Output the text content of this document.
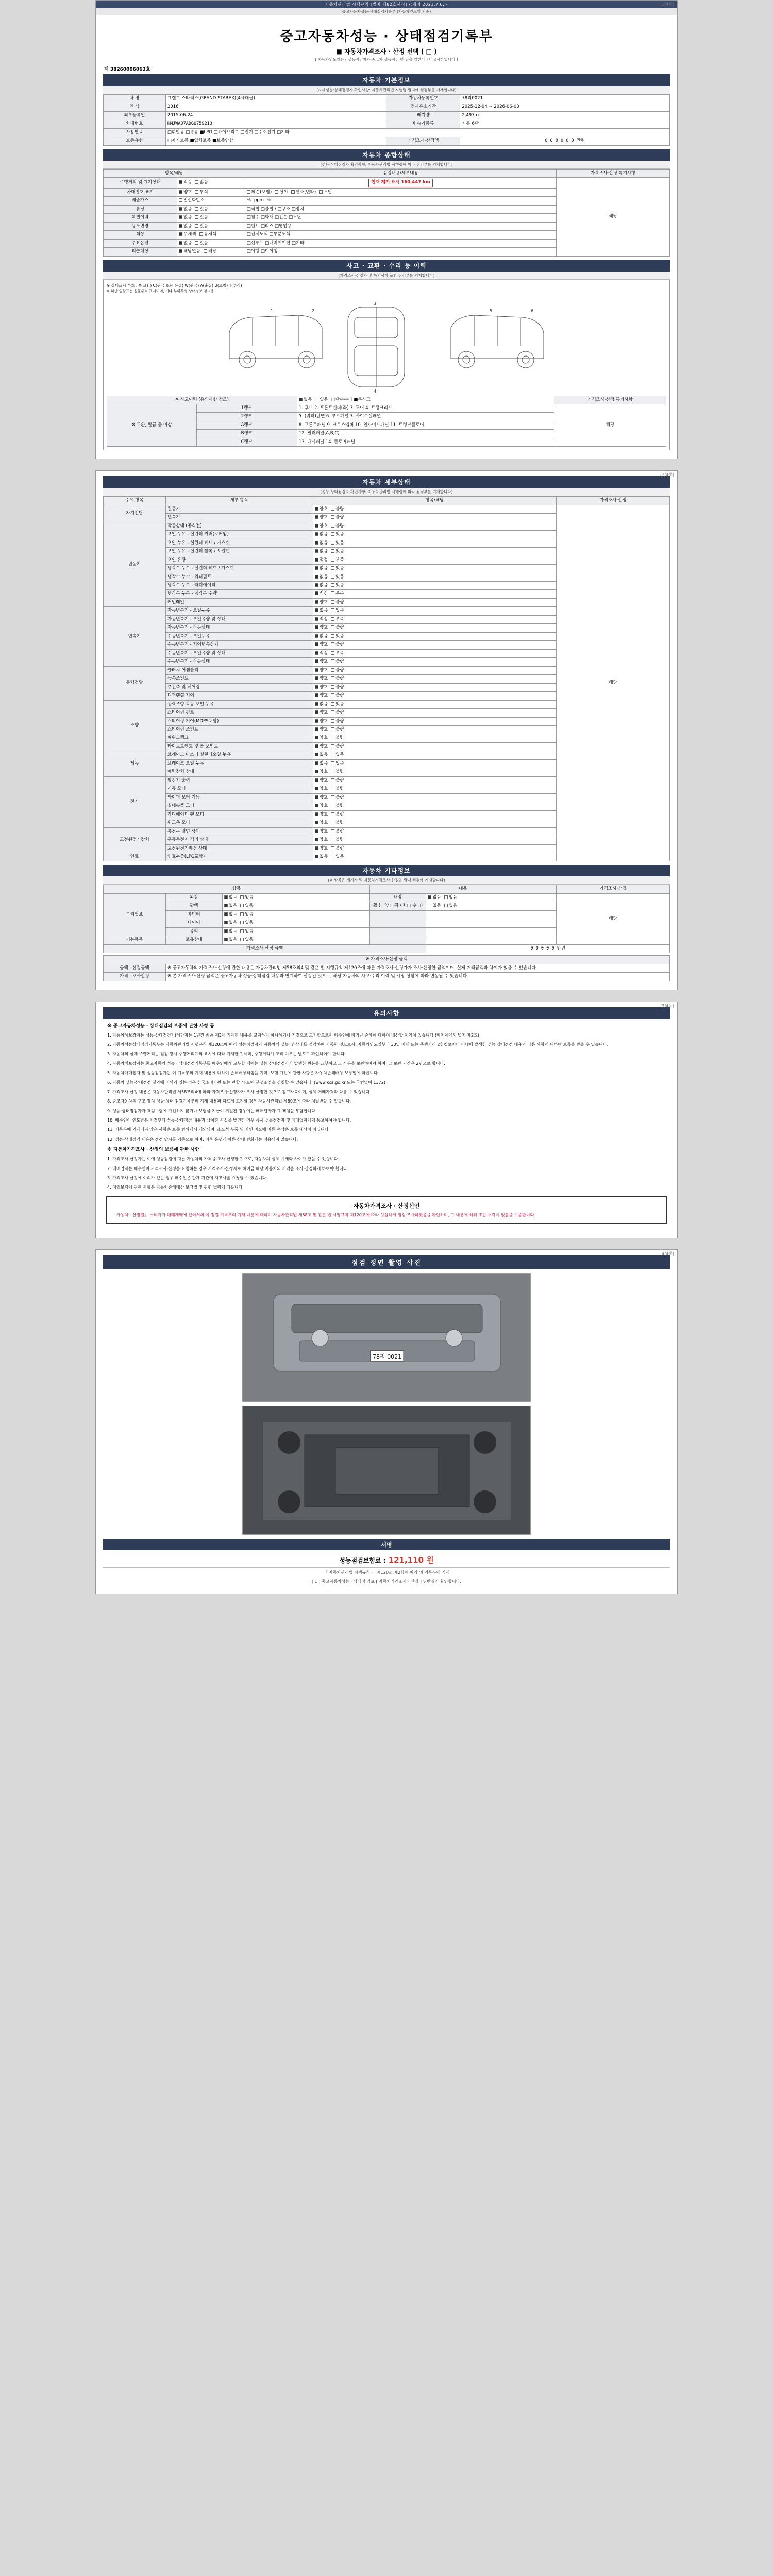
자동차관리법 시행규칙 [별지 제82호서식] <개정 2021.7.6.>
중고자동차성능·상태점검기록부 (자동차인도일 기준)
(1/4쪽)
중고자동차성능 · 상태점검기록부
■ 자동차가격조사 · 산정 선택 ( □ )
[ 자동차인도일은 ( 성능점검자가 중고차 성능점검 한 날을 말한다 ) 비고사항입니다 ]
제 38260006063호
자동차 기본정보
(자세성능·상태점검자 확인사항: 자동차관리법 시행령 별지에 점검부를 기재합니다)
차 명	그랜드 스타렉스(GRAND STAREX)(4세대급)	자동차등록번호	78리0021
연 식	2016	검사유효기간	2025-12-04 ~ 2026-06-03
최초등록일	2015-06-24	배기량	2,497 cc
차대번호	KMJWA37ADGU759213	변속기종류	자동 6단
사용연료	□휘발유 □경유 ■LPG □하이브리드 □전기 □수소전기 □기타		
보증유형	□자가보증 ■업체보증 ■보증안함	가격조사·산정액	0 0 0 0 0 0 만원
자동차 종합상태
(성능·상태점검자 확인사항: 자동차관리법 시행령에 따라 점검부를 기재합니다)
항목/해당		점검내용/세부내용	가격조사·산정 특기사항
주행거리 및 계기상태	적정 많음	현재 계기 표시 160,447 km	해당
차대번호 표기	양호 부식	훼손(오염) 상이 변조(변타) 도말	
배출가스	일산화탄소	%ppm %	
튜닝	없음 있음	□적법 □불법 / □구조 □장치	
특별이력	없음 있음	□침수 □화재 □전손 □도난	
용도변경	없음 있음	□렌트 □리스 □영업용	
색상	무채색 유채색	□전체도색 □부분도색	
주요옵션	없음 있음	□선루프 □내비게이션 □기타	
리콜대상	해당없음 해당	□이행 □미이행	
사고 · 교환 · 수리 등 이력
(가격조사·산정자 및 특기사항 포함 점검부를 기재합니다)
※ 상태표시 부호 : X(교환) C(판금 또는 용접) W(판금) A(흠집) U(요철) T(부식)
※ 하단 일람표는 실물위치 표시이며, 기타 부위특성 상태정보 참고용
1	2
3
4
5	6
※ 사고이력 (유의사항 참조)		없음 있음 □단순수리 ■무사고	가격조사·산정 특기사항
※ 교환, 판금 등 이상	1랭크	1. 후드 2. 프론트펜더(좌) 3. 도어 4. 트렁크리드	해당
	2랭크	5. (쿼터)판넬 6. 루프패널 7. 사이드실패널	
	A랭크	8. 프론트패널 9. 크로스멤버 10. 인사이드패널 11. 트렁크플로어	
	B랭크	12. 필러패널(A,B,C)	
	C랭크	13. 대시패널 14. 플로어패널	
(2/4쪽)
자동차 세부상태
(성능·상태점검자 확인사항: 자동차관리법 시행령에 따라 점검부를 기재합니다)
주요 항목	세부 항목	항목/해당	가격조사·산정
자기진단	원동기	양호 불량	해당
	변속기	양호 불량	
원동기	작동상태 (공회전)	양호 불량	
	오일 누유 - 실린더 커버(로커암)	없음 있음	
	오일 누유 - 실린더 헤드 / 가스켓	없음 있음	
	오일 누유 - 실린더 블록 / 오일팬	없음 있음	
	오일 유량	적정 부족	
	냉각수 누수 - 실린더 헤드 / 가스켓	없음 있음	
	냉각수 누수 - 워터펌프	없음 있음	
	냉각수 누수 - 라디에이터	없음 있음	
	냉각수 누수 - 냉각수 수량	적정 부족	
	커먼레일	양호 불량	
변속기	자동변속기 - 오일누유	없음 있음	
	자동변속기 - 오일유량 및 상태	적정 부족	
	자동변속기 - 작동상태	양호 불량	
	수동변속기 - 오일누유	없음 있음	
	수동변속기 - 기어변속장치	양호 불량	
	수동변속기 - 오일유량 및 상태	적정 부족	
	수동변속기 - 작동상태	양호 불량	
동력전달	클러치 어셈블리	양호 불량	
	등속조인트	양호 불량	
	추진축 및 베어링	양호 불량	
	디퍼렌셜 기어	양호 불량	
조향	동력조향 작동 오일 누유	없음 있음	
	스티어링 펌프	양호 불량	
	스티어링 기어(MDPS포함)	양호 불량	
	스티어링 조인트	양호 불량	
	파워크랭크	양호 불량	
	타이로드엔드 및 볼 조인트	양호 불량	
제동	브레이크 마스터 실린더오일 누유	없음 있음	
	브레이크 오일 누유	없음 있음	
	배력장치 상태	양호 불량	
전기	발전기 출력	양호 불량	
	시동 모터	양호 불량	
	와이퍼 모터 기능	양호 불량	
	실내송풍 모터	양호 불량	
	라디에이터 팬 모터	양호 불량	
	윈도우 모터	양호 불량	
고전원전기장치	충전구 절연 상태	양호 불량	
	구동축전지 격리 상태	양호 불량	
	고전원전기배선 상태	양호 불량	
연료	연료누출(LPG포함)	없음 있음	
자동차 기타정보
(※ 항목은 제시자 및 자동차가격조사·산정을 할때 점검에 기재합니다)
항목			내용		가격조사·산정
수리필요	외장	없음 있음	내장	없음 있음	해당
	광택	없음 있음	휠 (□앞 □뒤 / 좌□ 우□)	없음 있음	
	룸미러	없음 있음			
	타이어	없음 있음			
	유리	없음 있음			
기본품목	보유상태	없음 있음			
가격조사·산정 금액				0 0 0 0 0 만원	
※ 가격조사·산정 금액	
금액 · 산정금액	※ 중고자동차의 가격조사·산정에 관한 내용은 자동차관리법 제58조의4 및 같은 법 시행규칙 제120조에 따른 가격조사·산정자가 조사·산정한 금액이며, 실제 거래금액과 차이가 있을 수 있습니다.
가격 · 조사산정	※ 본 가격조사·산정 금액은 중고자동차 성능·상태점검 내용과 연계하여 산정된 것으로, 해당 자동차의 사고·수리 이력 및 시장 상황에 따라 변동될 수 있습니다.
(3/4쪽)
유의사항
※ 중고자동차성능 · 상태점검의 보증에 관한 사항 등

1. 자동차해보장자는 성능·상태점검자(해당자는 1년간 최종 제3에 기재한 내용을 교지하지 아니하거나 거짓으로 고지할으로써 매수인에 따라난 손해에 대하여 배상할 책임이 있습니다.(매매계약서 별지 제2호)

2. 자동차성능상태점검기록부는 자동차관리법 시행규칙 제120조에 따라 성능점검자가 자동차의 성능 및 상태를 점검하여 기록한 것으로서, 자동차인도일부터 30일 이내 또는 주행거리 2천킬로미터 이내에 발생한 성능·상태점검 내용과 다른 사항에 대하여 보증을 받을 수 있습니다.

3. 자동차의 실제 주행거리는 점검 당시 주행거리계의 표시에 따라 기재한 것이며, 주행거리계 조작 여부는 별도로 확인하여야 합니다.

4. 자동차해보장자는 중고자동차 성능 · 상태점검기록부를 매수인에게 교부할 때에는 성능·상태점검자가 발행한 원본을 교부하고 그 사본을 보관하여야 하며, 그 보관 기간은 2년으로 합니다.

5. 자동차매매업자 및 성능점검자는 이 기록부의 기재 내용에 대하여 손해배상책임을 지며, 보험 가입에 관한 사항은 자동차손해배상 보장법에 따릅니다.

6. 자동차 성능·상태점검 결과에 이의가 있는 경우 한국소비자원 또는 관할 시·도에 분쟁조정을 신청할 수 있습니다. (www.kca.go.kr 또는 국번없이 1372)

7. 가격조사·산정 내용은 자동차관리법 제58조의4에 따라 가격조사·산정자가 조사·산정한 것으로 참고자료이며, 실제 거래가격과 다를 수 있습니다.

8. 중고자동차의 구조·장치 성능·상태 점검기록부의 기재 내용과 다르게 고지할 경우 자동차관리법 제80조에 따라 처벌받을 수 있습니다.

9. 성능·상태점검자가 책임보험에 가입하지 않거나 보험금 지급이 거절된 경우에는 매매업자가 그 책임을 부담합니다.

10. 매수인이 인도받은 시점부터 성능·상태점검 내용과 상이한 사실을 발견한 경우 즉시 성능점검자 및 매매업자에게 통보하여야 합니다.

11. 기록부에 기재되지 않은 사항은 보증 범위에서 제외되며, 소모성 부품 및 자연 마모에 따른 손상은 보증 대상이 아닙니다.

12. 성능·상태점검 내용은 점검 당시를 기준으로 하며, 이후 운행에 따른 상태 변화에는 적용되지 않습니다.

※ 자동차가격조사 · 산정의 보증에 관한 사항

1. 가격조사·산정자는 이에 성능점검에 따른 자동차의 가격을 조사·산정한 것으로, 자동차의 실제 시세와 차이가 있을 수 있습니다.

2. 매매업자는 매수인이 가격조사·산정을 요청하는 경우 가격조사·산정자로 하여금 해당 자동차의 가격을 조사·산정하게 하여야 합니다.

3. 가격조사·산정에 이의가 있는 경우 매수인은 관계 기관에 재조사를 요청할 수 있습니다.

4. 책임보험에 관한 사항은 자동차손해배상 보장법 및 관련 법령에 따릅니다.

자동차가격조사 · 산정선언
「자동차 · 산정원」 소비자가 매매계약에 있어서의 이 점검 기록부의 기재 내용에 대하여 자동차관리법 제58조 및 같은 법 시행규칙 제120조에 따라 성실하게 점검·조사하였음을 확인하며, 그 내용에 허위 또는 누락이 없음을 보증합니다.
(4/4쪽)
점검 정면 촬영 사진
78리 0021
서명
성능점검보험료 : 121,110 원
「 자동차관리법 시행규칙 」 제120조 제2항에 따라 위 기록부에 기재
[ 1 ] 중고자동차성능 · 상태점 검표 [ 자동차가격조사 · 산정 ] 위반결과 확인합니다.
